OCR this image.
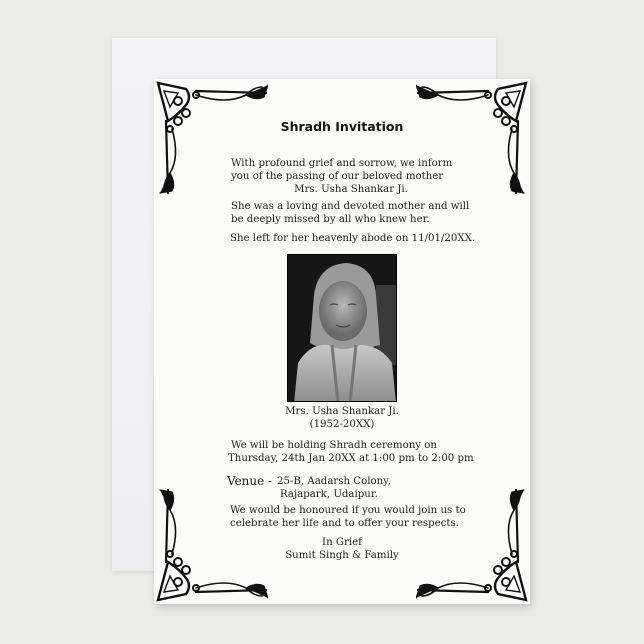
Shradh Invitation
With profound grief and sorrow, we inform
you of the passing of our beloved mother
Mrs. Usha Shankar Ji.
She was a loving and devoted mother and will
be deeply missed by all who knew her.
She left for her heavenly abode on 11/01/20XX.
Mrs. Usha Shankar Ji.
(1952-20XX)
We will be holding Shradh ceremony on
Thursday, 24th Jan 20XX at 1:00 pm to 2:00 pm
Venue - 25-B, Aadarsh Colony,
Rajapark, Udaipur.
We would be honoured if you would join us to
celebrate her life and to offer your respects.
In Grief
Sumit Singh & Family
